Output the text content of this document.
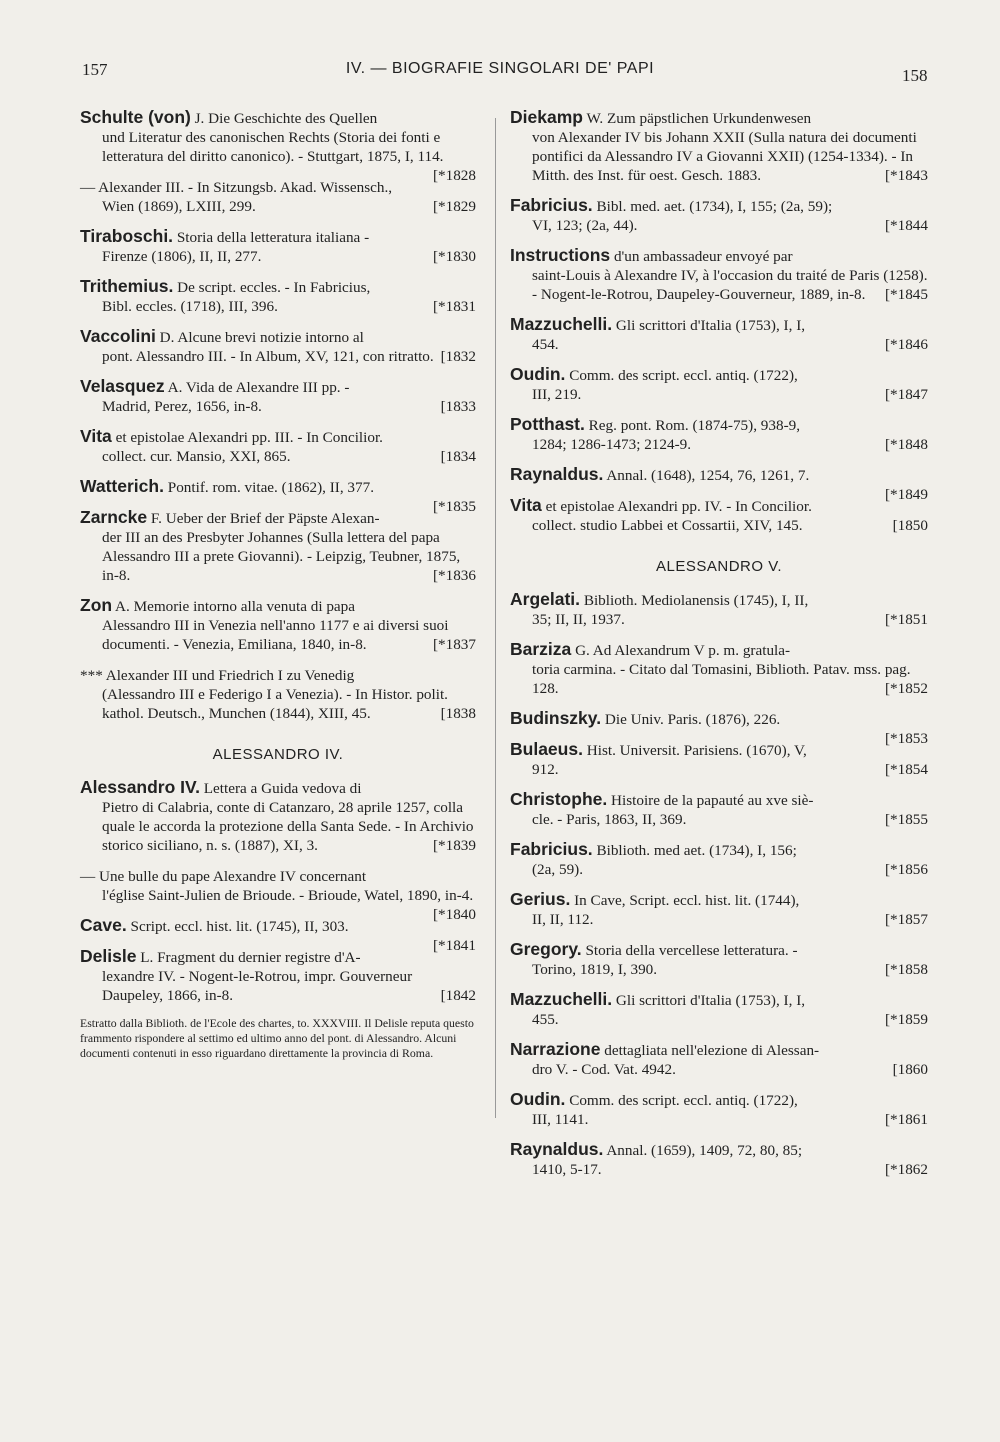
157	IV. — BIOGRAFIE SINGOLARI DE' PAPI	158
Schulte (von) J. Die Geschichte des Quellen
und Literatur des canonischen Rechts (Storia dei fonti e letteratura del diritto canonico). - Stuttgart, 1875, I, 114.
[*1828
— Alexander III. - In Sitzungsb. Akad. Wissensch.,
Wien (1869), LXIII, 299.	[*1829
Tiraboschi. Storia della letteratura italiana -
Firenze (1806), II, II, 277.	[*1830
Trithemius. De script. eccles. - In Fabricius,
Bibl. eccles. (1718), III, 396.	[*1831
Vaccolini D. Alcune brevi notizie intorno al
pont. Alessandro III. - In Album, XV, 121, con ritratto. [1832
Velasquez A. Vida de Alexandre III pp. -
Madrid, Perez, 1656, in-8.	[1833
Vita et epistolae Alexandri pp. III. - In Concilior.
collect. cur. Mansio, XXI, 865.	[1834
Watterich. Pontif. rom. vitae. (1862), II, 377.
[*1835
Zarncke F. Ueber der Brief der Päpste Alexan-
der III an des Presbyter Johannes (Sulla lettera del papa Alessandro III a prete Giovanni). - Leipzig, Teubner, 1875, in-8.	[*1836
Zon A. Memorie intorno alla venuta di papa
Alessandro III in Venezia nell'anno 1177 e ai diversi suoi documenti. - Venezia, Emiliana, 1840, in-8.	[*1837
*** Alexander III und Friedrich I zu Venedig
(Alessandro III e Federigo I a Venezia). - In Histor. polit. kathol. Deutsch., Munchen (1844), XIII, 45.	[1838
ALESSANDRO IV.
Alessandro IV. Lettera a Guida vedova di
Pietro di Calabria, conte di Catanzaro, 28 aprile 1257, colla quale le accorda la protezione della Santa Sede. - In Archivio storico siciliano, n. s. (1887), XI, 3.	[*1839
— Une bulle du pape Alexandre IV concernant
l'église Saint-Julien de Brioude. - Brioude, Watel, 1890, in-4.
[*1840
Cave. Script. eccl. hist. lit. (1745), II, 303.
[*1841
Delisle L. Fragment du dernier registre d'A-
lexandre IV. - Nogent-le-Rotrou, impr. Gouverneur Daupeley, 1866, in-8.	[1842
Estratto dalla Biblioth. de l'Ecole des chartes, to. XXXVIII. Il Delisle reputa questo frammento rispondere al settimo ed ultimo anno del pont. di Alessandro. Alcuni documenti contenuti in esso riguardano direttamente la provincia di Roma.
Diekamp W. Zum päpstlichen Urkundenwesen
von Alexander IV bis Johann XXII (Sulla natura dei documenti pontifici da Alessandro IV a Giovanni XXII) (1254-1334). - In Mitth. des Inst. für oest. Gesch. 1883.	[*1843
Fabricius. Bibl. med. aet. (1734), I, 155; (2a, 59);
VI, 123; (2a, 44).	[*1844
Instructions d'un ambassadeur envoyé par
saint-Louis à Alexandre IV, à l'occasion du traité de Paris (1258). - Nogent-le-Rotrou, Daupeley-Gouverneur, 1889, in-8. [*1845
Mazzuchelli. Gli scrittori d'Italia (1753), I, I,
454.	[*1846
Oudin. Comm. des script. eccl. antiq. (1722),
III, 219.	[*1847
Potthast. Reg. pont. Rom. (1874-75), 938-9,
1284; 1286-1473; 2124-9.	[*1848
Raynaldus. Annal. (1648), 1254, 76, 1261, 7.
[*1849
Vita et epistolae Alexandri pp. IV. - In Concilior.
collect. studio Labbei et Cossartii, XIV, 145.	[1850
ALESSANDRO V.
Argelati. Biblioth. Mediolanensis (1745), I, II,
35; II, II, 1937.	[*1851
Barziza G. Ad Alexandrum V p. m. gratula-
toria carmina. - Citato dal Tomasini, Biblioth. Patav. mss. pag. 128.	[*1852
Budinszky. Die Univ. Paris. (1876), 226.
[*1853
Bulaeus. Hist. Universit. Parisiens. (1670), V,
912.	[*1854
Christophe. Histoire de la papauté au xve siè-
cle. - Paris, 1863, II, 369.	[*1855
Fabricius. Biblioth. med aet. (1734), I, 156;
(2a, 59).	[*1856
Gerius. In Cave, Script. eccl. hist. lit. (1744),
II, II, 112.	[*1857
Gregory. Storia della vercellese letteratura. -
Torino, 1819, I, 390.	[*1858
Mazzuchelli. Gli scrittori d'Italia (1753), I, I,
455.	[*1859
Narrazione dettagliata nell'elezione di Alessan-
dro V. - Cod. Vat. 4942.	[1860
Oudin. Comm. des script. eccl. antiq. (1722),
III, 1141.	[*1861
Raynaldus. Annal. (1659), 1409, 72, 80, 85;
1410, 5-17.	[*1862
